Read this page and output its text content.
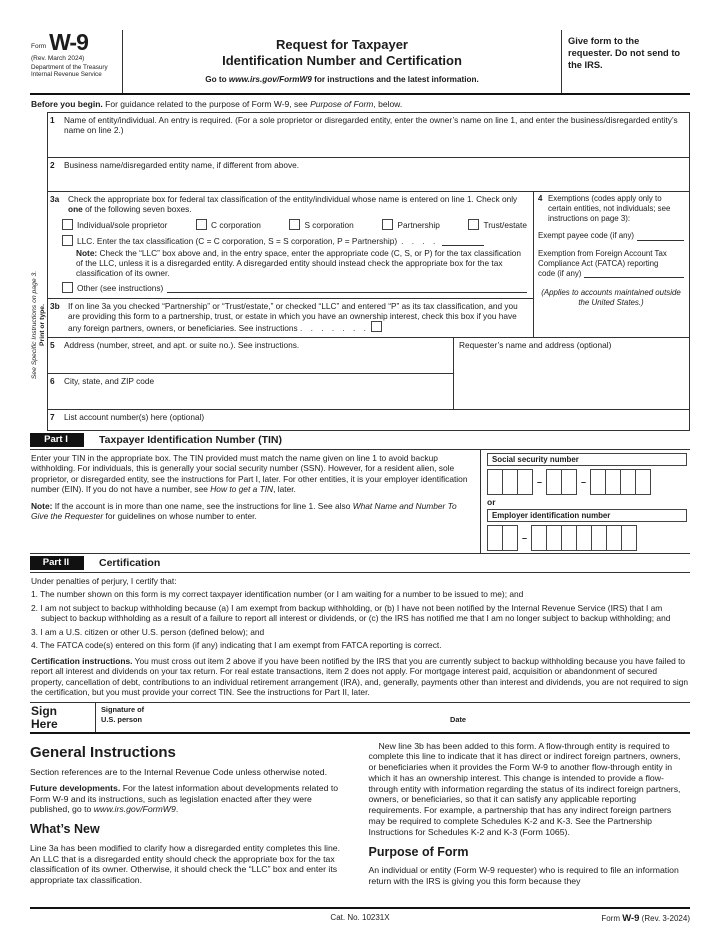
Form W-9
(Rev. March 2024)
Department of the Treasury
Internal Revenue Service
Request for Taxpayer
Identification Number and Certification
Go to www.irs.gov/FormW9 for instructions and the latest information.
Give form to the requester. Do not send to the IRS.
Before you begin. For guidance related to the purpose of Form W-9, see Purpose of Form, below.
See Specific Instructions on page 3. Print or type.
1	Name of entity/individual. An entry is required. (For a sole proprietor or disregarded entity, enter the owner’s name on line 1, and enter the business/disregarded entity’s name on line 2.)
2	Business name/disregarded entity name, if different from above.
3a	Check the appropriate box for federal tax classification of the entity/individual whose name is entered on line 1. Check only one of the following seven boxes.
Individual/sole proprietor	C corporation	S corporation	Partnership	Trust/estate
LLC. Enter the tax classification (C = C corporation, S = S corporation, P = Partnership) . . . .
Note: Check the “LLC” box above and, in the entry space, enter the appropriate code (C, S, or P) for the tax classification of the LLC, unless it is a disregarded entity. A disregarded entity should instead check the appropriate box for the tax classification of its owner.
Other (see instructions)
3b	If on line 3a you checked “Partnership” or “Trust/estate,” or checked “LLC” and entered “P” as its tax classification, and you are providing this form to a partnership, trust, or estate in which you have an ownership interest, check this box if you have any foreign partners, owners, or beneficiaries. See instructions . . . . . . .
4 Exemptions (codes apply only to certain entities, not individuals; see instructions on page 3):
Exempt payee code (if any)
Exemption from Foreign Account Tax Compliance Act (FATCA) reporting
code (if any)
(Applies to accounts maintained outside the United States.)
5	Address (number, street, and apt. or suite no.). See instructions.
6	City, state, and ZIP code
Requester’s name and address (optional)
7	List account number(s) here (optional)
Part I	Taxpayer Identification Number (TIN)
Enter your TIN in the appropriate box. The TIN provided must match the name given on line 1 to avoid backup withholding. For individuals, this is generally your social security number (SSN). However, for a resident alien, sole proprietor, or disregarded entity, see the instructions for Part I, later. For other entities, it is your employer identification number (EIN). If you do not have a number, see How to get a TIN, later.
Note: If the account is in more than one name, see the instructions for line 1. See also What Name and Number To Give the Requester for guidelines on whose number to enter.
Social security number
–	–
or
Employer identification number
–
Part II	Certification
Under penalties of perjury, I certify that:
1. The number shown on this form is my correct taxpayer identification number (or I am waiting for a number to be issued to me); and
2. I am not subject to backup withholding because (a) I am exempt from backup withholding, or (b) I have not been notified by the Internal Revenue Service (IRS) that I am subject to backup withholding as a result of a failure to report all interest or dividends, or (c) the IRS has notified me that I am no longer subject to backup withholding; and
3. I am a U.S. citizen or other U.S. person (defined below); and
4. The FATCA code(s) entered on this form (if any) indicating that I am exempt from FATCA reporting is correct.
Certification instructions. You must cross out item 2 above if you have been notified by the IRS that you are currently subject to backup withholding because you have failed to report all interest and dividends on your tax return. For real estate transactions, item 2 does not apply. For mortgage interest paid, acquisition or abandonment of secured property, cancellation of debt, contributions to an individual retirement arrangement (IRA), and, generally, payments other than interest and dividends, you are not required to sign the certification, but you must provide your correct TIN. See the instructions for Part II, later.
Sign
Here
Signature of
U.S. person	Date
General Instructions
Section references are to the Internal Revenue Code unless otherwise noted.
Future developments. For the latest information about developments related to Form W-9 and its instructions, such as legislation enacted after they were published, go to www.irs.gov/FormW9.
What’s New
Line 3a has been modified to clarify how a disregarded entity completes this line. An LLC that is a disregarded entity should check the appropriate box for the tax classification of its owner. Otherwise, it should check the “LLC” box and enter its appropriate tax classification.
New line 3b has been added to this form. A flow-through entity is required to complete this line to indicate that it has direct or indirect foreign partners, owners, or beneficiaries when it provides the Form W-9 to another flow-through entity in which it has an ownership interest. This change is intended to provide a flow-through entity with information regarding the status of its indirect foreign partners, owners, or beneficiaries, so that it can satisfy any applicable reporting requirements. For example, a partnership that has any indirect foreign partners may be required to complete Schedules K-2 and K-3. See the Partnership Instructions for Schedules K-2 and K-3 (Form 1065).
Purpose of Form
An individual or entity (Form W-9 requester) who is required to file an information return with the IRS is giving you this form because they
Cat. No. 10231X	Form W-9 (Rev. 3-2024)
